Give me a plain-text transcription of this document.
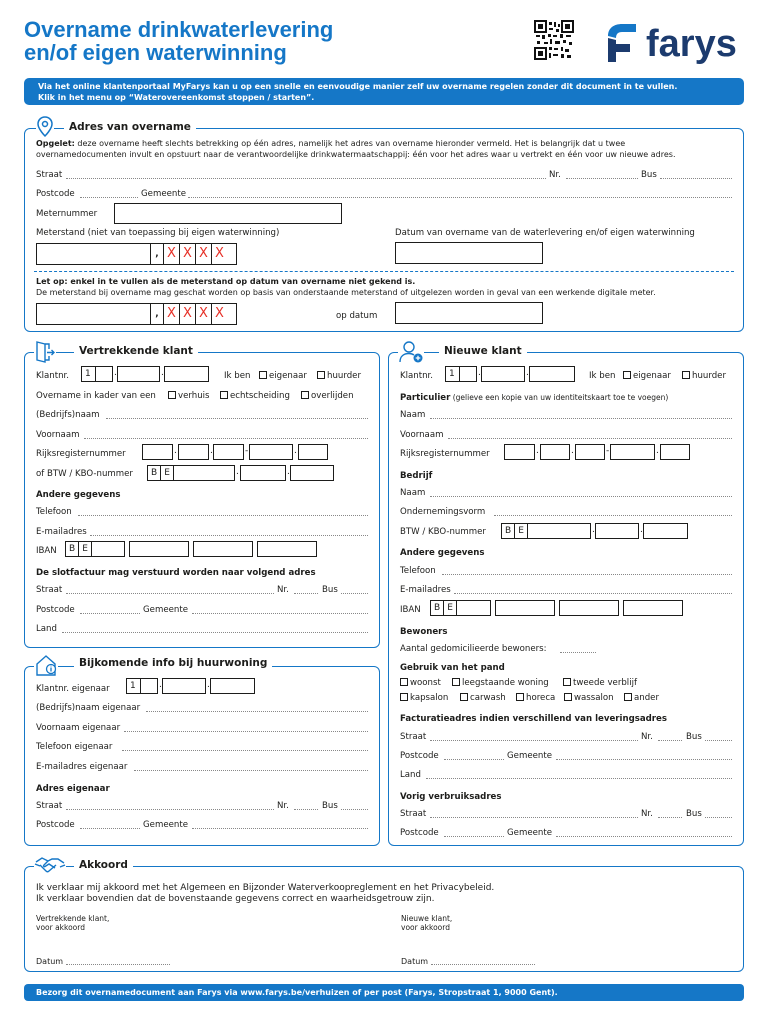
Overname drinkwaterlevering
en/of eigen waterwinning	farys
Via het online klantenportaal MyFarys kan u op een snelle en eenvoudige manier zelf uw overname regelen zonder dit document in te vullen.
Klik in het menu op “Waterovereenkomst stoppen / starten”.
Adres van overname
Opgelet: deze overname heeft slechts betrekking op één adres, namelijk het adres van overname hieronder vermeld. Het is belangrijk dat u twee
overnamedocumenten invult en opstuurt naar de verantwoordelijke drinkwatermaatschappij: één voor het adres waar u vertrekt en één voor uw nieuwe adres.
Straat	Nr.	Bus
Postcode	Gemeente
Meternummer
Meterstand (niet van toepassing bij eigen waterwinning)	Datum van overname van de waterlevering en/of eigen waterwinning
, X X X X
Let op: enkel in te vullen als de meterstand op datum van overname niet gekend is.
De meterstand bij overname mag geschat worden op basis van onderstaande meterstand of uitgelezen worden in geval van een werkende digitale meter.
, X X X X	op datum
Vertrekkende klant
Klantnr.	1	.	.	Ik ben	eigenaar	huurder
Overname in kader van een	verhuis	echtscheiding	overlijden
(Bedrijfs)naam
Voornaam
Rijksregisternummer	.	.	-	.
of BTW / KBO-nummer	B E	.	.
Andere gegevens
Telefoon
E-mailadres
IBAN	B E
De slotfactuur mag verstuurd worden naar volgend adres
Straat	Nr.	Bus
Postcode	Gemeente
Land
Bijkomende info bij huurwoning
Klantnr. eigenaar	1	.	.
(Bedrijfs)naam eigenaar
Voornaam eigenaar
Telefoon eigenaar
E-mailadres eigenaar
Adres eigenaar
Straat	Nr.	Bus
Postcode	Gemeente
Nieuwe klant
Klantnr.	1	.	.	Ik ben	eigenaar	huurder
Particulier (gelieve een kopie van uw identiteitskaart toe te voegen)
Naam
Voornaam
Rijksregisternummer	.	.	-	.
Bedrijf
Naam
Ondernemingsvorm
BTW / KBO-nummer	B E	.	.
Andere gegevens
Telefoon
E-mailadres
IBAN	B E
Bewoners
Aantal gedomicilieerde bewoners:
Gebruik van het pand
woonst	leegstaande woning	tweede verblijf
kapsalon	carwash	horeca	wassalon	ander
Facturatieadres indien verschillend van leveringsadres
Straat	Nr.	Bus
Postcode	Gemeente
Land
Vorig verbruiksadres
Straat	Nr.	Bus
Postcode	Gemeente
Akkoord
Ik verklaar mij akkoord met het Algemeen en Bijzonder Waterverkoopreglement en het Privacybeleid.
Ik verklaar bovendien dat de bovenstaande gegevens correct en waarheidsgetrouw zijn.
Vertrekkende klant,
voor akkoord
Nieuwe klant,
voor akkoord
Datum	Datum
Bezorg dit overnamedocument aan Farys via www.farys.be/verhuizen of per post (Farys, Stropstraat 1, 9000 Gent).
